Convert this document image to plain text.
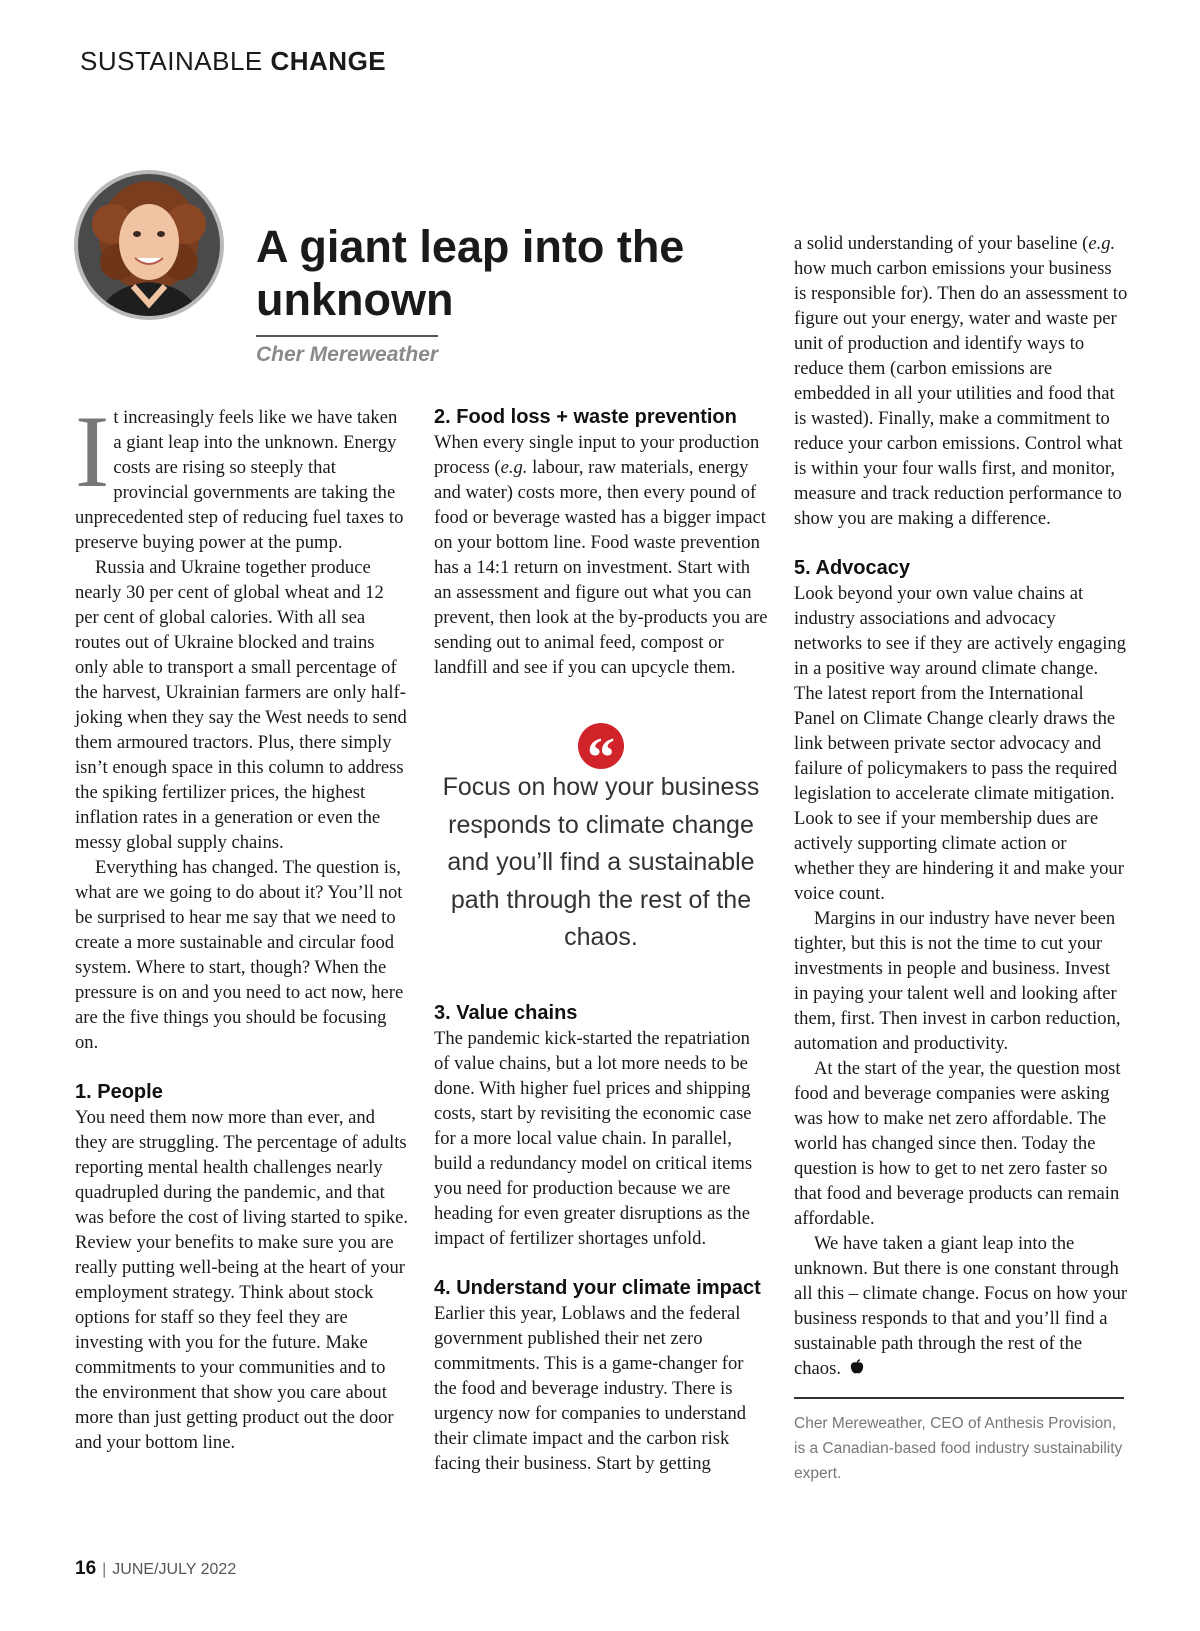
SUSTAINABLE CHANGE
A giant leap into the unknown
Cher Mereweather

It increasingly feels like we have taken a giant leap into the unknown. Energy costs are rising so steeply that provincial governments are taking the unprecedented step of reducing fuel taxes to preserve buying power at the pump.

Russia and Ukraine together produce nearly 30 per cent of global wheat and 12 per cent of global calories. With all sea routes out of Ukraine blocked and trains only able to transport a small percentage of the harvest, Ukrainian farmers are only half-joking when they say the West needs to send them armoured tractors. Plus, there simply isn’t enough space in this column to address the spiking fertilizer prices, the highest inflation rates in a generation or even the messy global supply chains.

Everything has changed. The question is, what are we going to do about it? You’ll not be surprised to hear me say that we need to create a more sustainable and circular food system. Where to start, though? When the pressure is on and you need to act now, here are the five things you should be focusing on.

1. People

You need them now more than ever, and they are struggling. The percentage of adults reporting mental health challenges nearly quadrupled during the pandemic, and that was before the cost of living started to spike. Review your benefits to make sure you are really putting well-being at the heart of your employment strategy. Think about stock options for staff so they feel they are investing with you for the future. Make commitments to your communities and to the environment that show you care about more than just getting product out the door and your bottom line.

2. Food loss + waste prevention

When every single input to your production process (e.g. labour, raw materials, energy and water) costs more, then every pound of food or beverage wasted has a bigger impact on your bottom line. Food waste prevention has a 14:1 return on investment. Start with an assessment and figure out what you can prevent, then look at the by-products you are sending out to animal feed, compost or landfill and see if you can upcycle them.

“

Focus on how your business responds to climate change and you’ll find a sustainable path through the rest of the chaos.

3. Value chains

The pandemic kick-started the repatriation of value chains, but a lot more needs to be done. With higher fuel prices and shipping costs, start by revisiting the economic case for a more local value chain. In parallel, build a redundancy model on critical items you need for production because we are heading for even greater disruptions as the impact of fertilizer shortages unfold.

4. Understand your climate impact

Earlier this year, Loblaws and the federal government published their net zero commitments. This is a game-changer for the food and beverage industry. There is urgency now for companies to understand their climate impact and the carbon risk facing their business. Start by getting

a solid understanding of your baseline (e.g. how much carbon emissions your business is responsible for). Then do an assessment to figure out your energy, water and waste per unit of production and identify ways to reduce them (carbon emissions are embedded in all your utilities and food that is wasted). Finally, make a commitment to reduce your carbon emissions. Control what is within your four walls first, and monitor, measure and track reduction performance to show you are making a difference.

5. Advocacy

Look beyond your own value chains at industry associations and advocacy networks to see if they are actively engaging in a positive way around climate change. The latest report from the International Panel on Climate Change clearly draws the link between private sector advocacy and failure of policymakers to pass the required legislation to accelerate climate mitigation. Look to see if your membership dues are actively supporting climate action or whether they are hindering it and make your voice count.

Margins in our industry have never been tighter, but this is not the time to cut your investments in people and business. Invest in paying your talent well and looking after them, first. Then invest in carbon reduction, automation and productivity.

At the start of the year, the question most food and beverage companies were asking was how to make net zero affordable. The world has changed since then. Today the question is how to get to net zero faster so that food and beverage products can remain affordable.

We have taken a giant leap into the unknown. But there is one constant through all this – climate change. Focus on how your business responds to that and you’ll find a sustainable path through the rest of the chaos.

Cher Mereweather, CEO of Anthesis Provision, is a Canadian-based food industry sustainability expert.
16 | JUNE/JULY 2022
